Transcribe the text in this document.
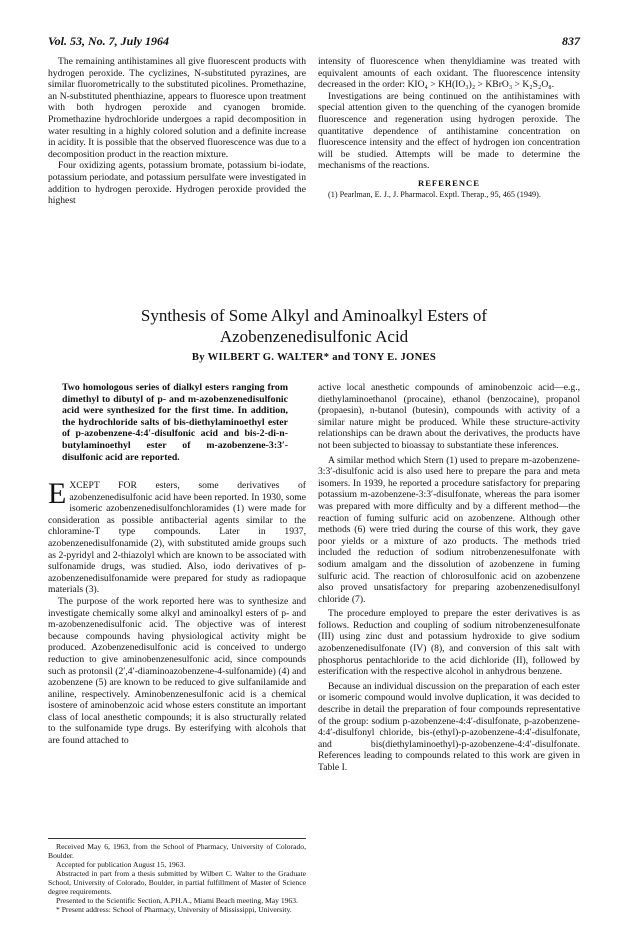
Vol. 53, No. 7, July 1964	837

The remaining antihistamines all give fluorescent products with hydrogen peroxide. The cyclizines, N-substituted pyrazines, are similar fluorometrically to the substituted picolines. Promethazine, an N-substituted phenthiazine, appears to fluoresce upon treatment with both hydrogen peroxide and cyanogen bromide. Promethazine hydrochloride undergoes a rapid decomposition in water resulting in a highly colored solution and a definite increase in acidity. It is possible that the observed fluorescence was due to a decomposition product in the reaction mixture.

Four oxidizing agents, potassium bromate, potassium bi-iodate, potassium periodate, and potassium persulfate were investigated in addition to hydrogen peroxide. Hydrogen peroxide provided the highest

intensity of fluorescence when thenyldiamine was treated with equivalent amounts of each oxidant. The fluorescence intensity decreased in the order: KIO₄ > KH(IO₃)₂ > KBrO₃ > K₂S₂O₈.

Investigations are being continued on the antihistamines with special attention given to the quenching of the cyanogen bromide fluorescence and regeneration using hydrogen peroxide. The quantitative dependence of antihistamine concentration on fluorescence intensity and the effect of hydrogen ion concentration will be studied. Attempts will be made to determine the mechanisms of the reactions.

REFERENCE

(1) Pearlman, E. J., J. Pharmacol. Exptl. Therap., 95, 465 (1949).

Synthesis of Some Alkyl and Aminoalkyl Esters of
Azobenzenedisulfonic Acid
By WILBERT G. WALTER* and TONY E. JONES
Two homologous series of dialkyl esters ranging from dimethyl to dibutyl of p- and m-azobenzenedisulfonic acid were synthesized for the first time. In addition, the hydrochloride salts of bis-diethylaminoethyl ester of p-azobenzene-4:4′-disulfonic acid and bis-2-di-n-butylaminoethyl ester of m-azobenzene-3:3′-disulfonic acid are reported.

EXCEPT FOR esters, some derivatives of azobenzenedisulfonic acid have been reported. In 1930, some isomeric azobenzenedisulfonchloramides (1) were made for consideration as possible antibacterial agents similar to the chloramine-T type compounds. Later in 1937, azobenzenedisulfonamide (2), with substituted amide groups such as 2-pyridyl and 2-thiazolyl which are known to be associated with sulfonamide drugs, was studied. Also, iodo derivatives of p-azobenzenedisulfonamide were prepared for study as radiopaque materials (3).

The purpose of the work reported here was to synthesize and investigate chemically some alkyl and aminoalkyl esters of p- and m-azobenzenedisulfonic acid. The objective was of interest because compounds having physiological activity might be produced. Azobenzenedisulfonic acid is conceived to undergo reduction to give aminobenzenesulfonic acid, since compounds such as protonsil (2′,4′-diaminoazobenzene-4-sulfonamide) (4) and azobenzene (5) are known to be reduced to give sulfanilamide and aniline, respectively. Aminobenzenesulfonic acid is a chemical isostere of aminobenzoic acid whose esters constitute an important class of local anesthetic compounds; it is also structurally related to the sulfonamide type drugs. By esterifying with alcohols that are found attached to

active local anesthetic compounds of aminobenzoic acid—e.g., diethylaminoethanol (procaine), ethanol (benzocaine), propanol (propaesin), n-butanol (butesin), compounds with activity of a similar nature might be produced. While these structure-activity relationships can be drawn about the derivatives, the products have not been subjected to bioassay to substantiate these inferences.

A similar method which Stern (1) used to prepare m-azobenzene-3:3′-disulfonic acid is also used here to prepare the para and meta isomers. In 1939, he reported a procedure satisfactory for preparing potassium m-azobenzene-3:3′-disulfonate, whereas the para isomer was prepared with more difficulty and by a different method—the reaction of fuming sulfuric acid on azobenzene. Although other methods (6) were tried during the course of this work, they gave poor yields or a mixture of azo products. The methods tried included the reduction of sodium nitrobenzenesulfonate with sodium amalgam and the dissolution of azobenzene in fuming sulfuric acid. The reaction of chlorosulfonic acid on azobenzene also proved unsatisfactory for preparing azobenzenedisulfonyl chloride (7).

The procedure employed to prepare the ester derivatives is as follows. Reduction and coupling of sodium nitrobenzenesulfonate (III) using zinc dust and potassium hydroxide to give sodium azobenzenedisulfonate (IV) (8), and conversion of this salt with phosphorus pentachloride to the acid dichloride (II), followed by esterification with the respective alcohol in anhydrous benzene.

Because an individual discussion on the preparation of each ester or isomeric compound would involve duplication, it was decided to describe in detail the preparation of four compounds representative of the group: sodium p-azobenzene-4:4′-disulfonate, p-azobenzene-4:4′-disulfonyl chloride, bis-(ethyl)-p-azobenzene-4:4′-disulfonate, and bis(diethylaminoethyl)-p-azobenzene-4:4′-disulfonate. References leading to compounds related to this work are given in Table I.

Received May 6, 1963, from the School of Pharmacy, University of Colorado, Boulder.
Accepted for publication August 15, 1963.
Abstracted in part from a thesis submitted by Wilbert C. Walter to the Graduate School, University of Colorado, Boulder, in partial fulfillment of Master of Science degree requirements.
Presented to the Scientific Section, A.PH.A., Miami Beach meeting, May 1963.
* Present address: School of Pharmacy, University of Mississippi, University.
